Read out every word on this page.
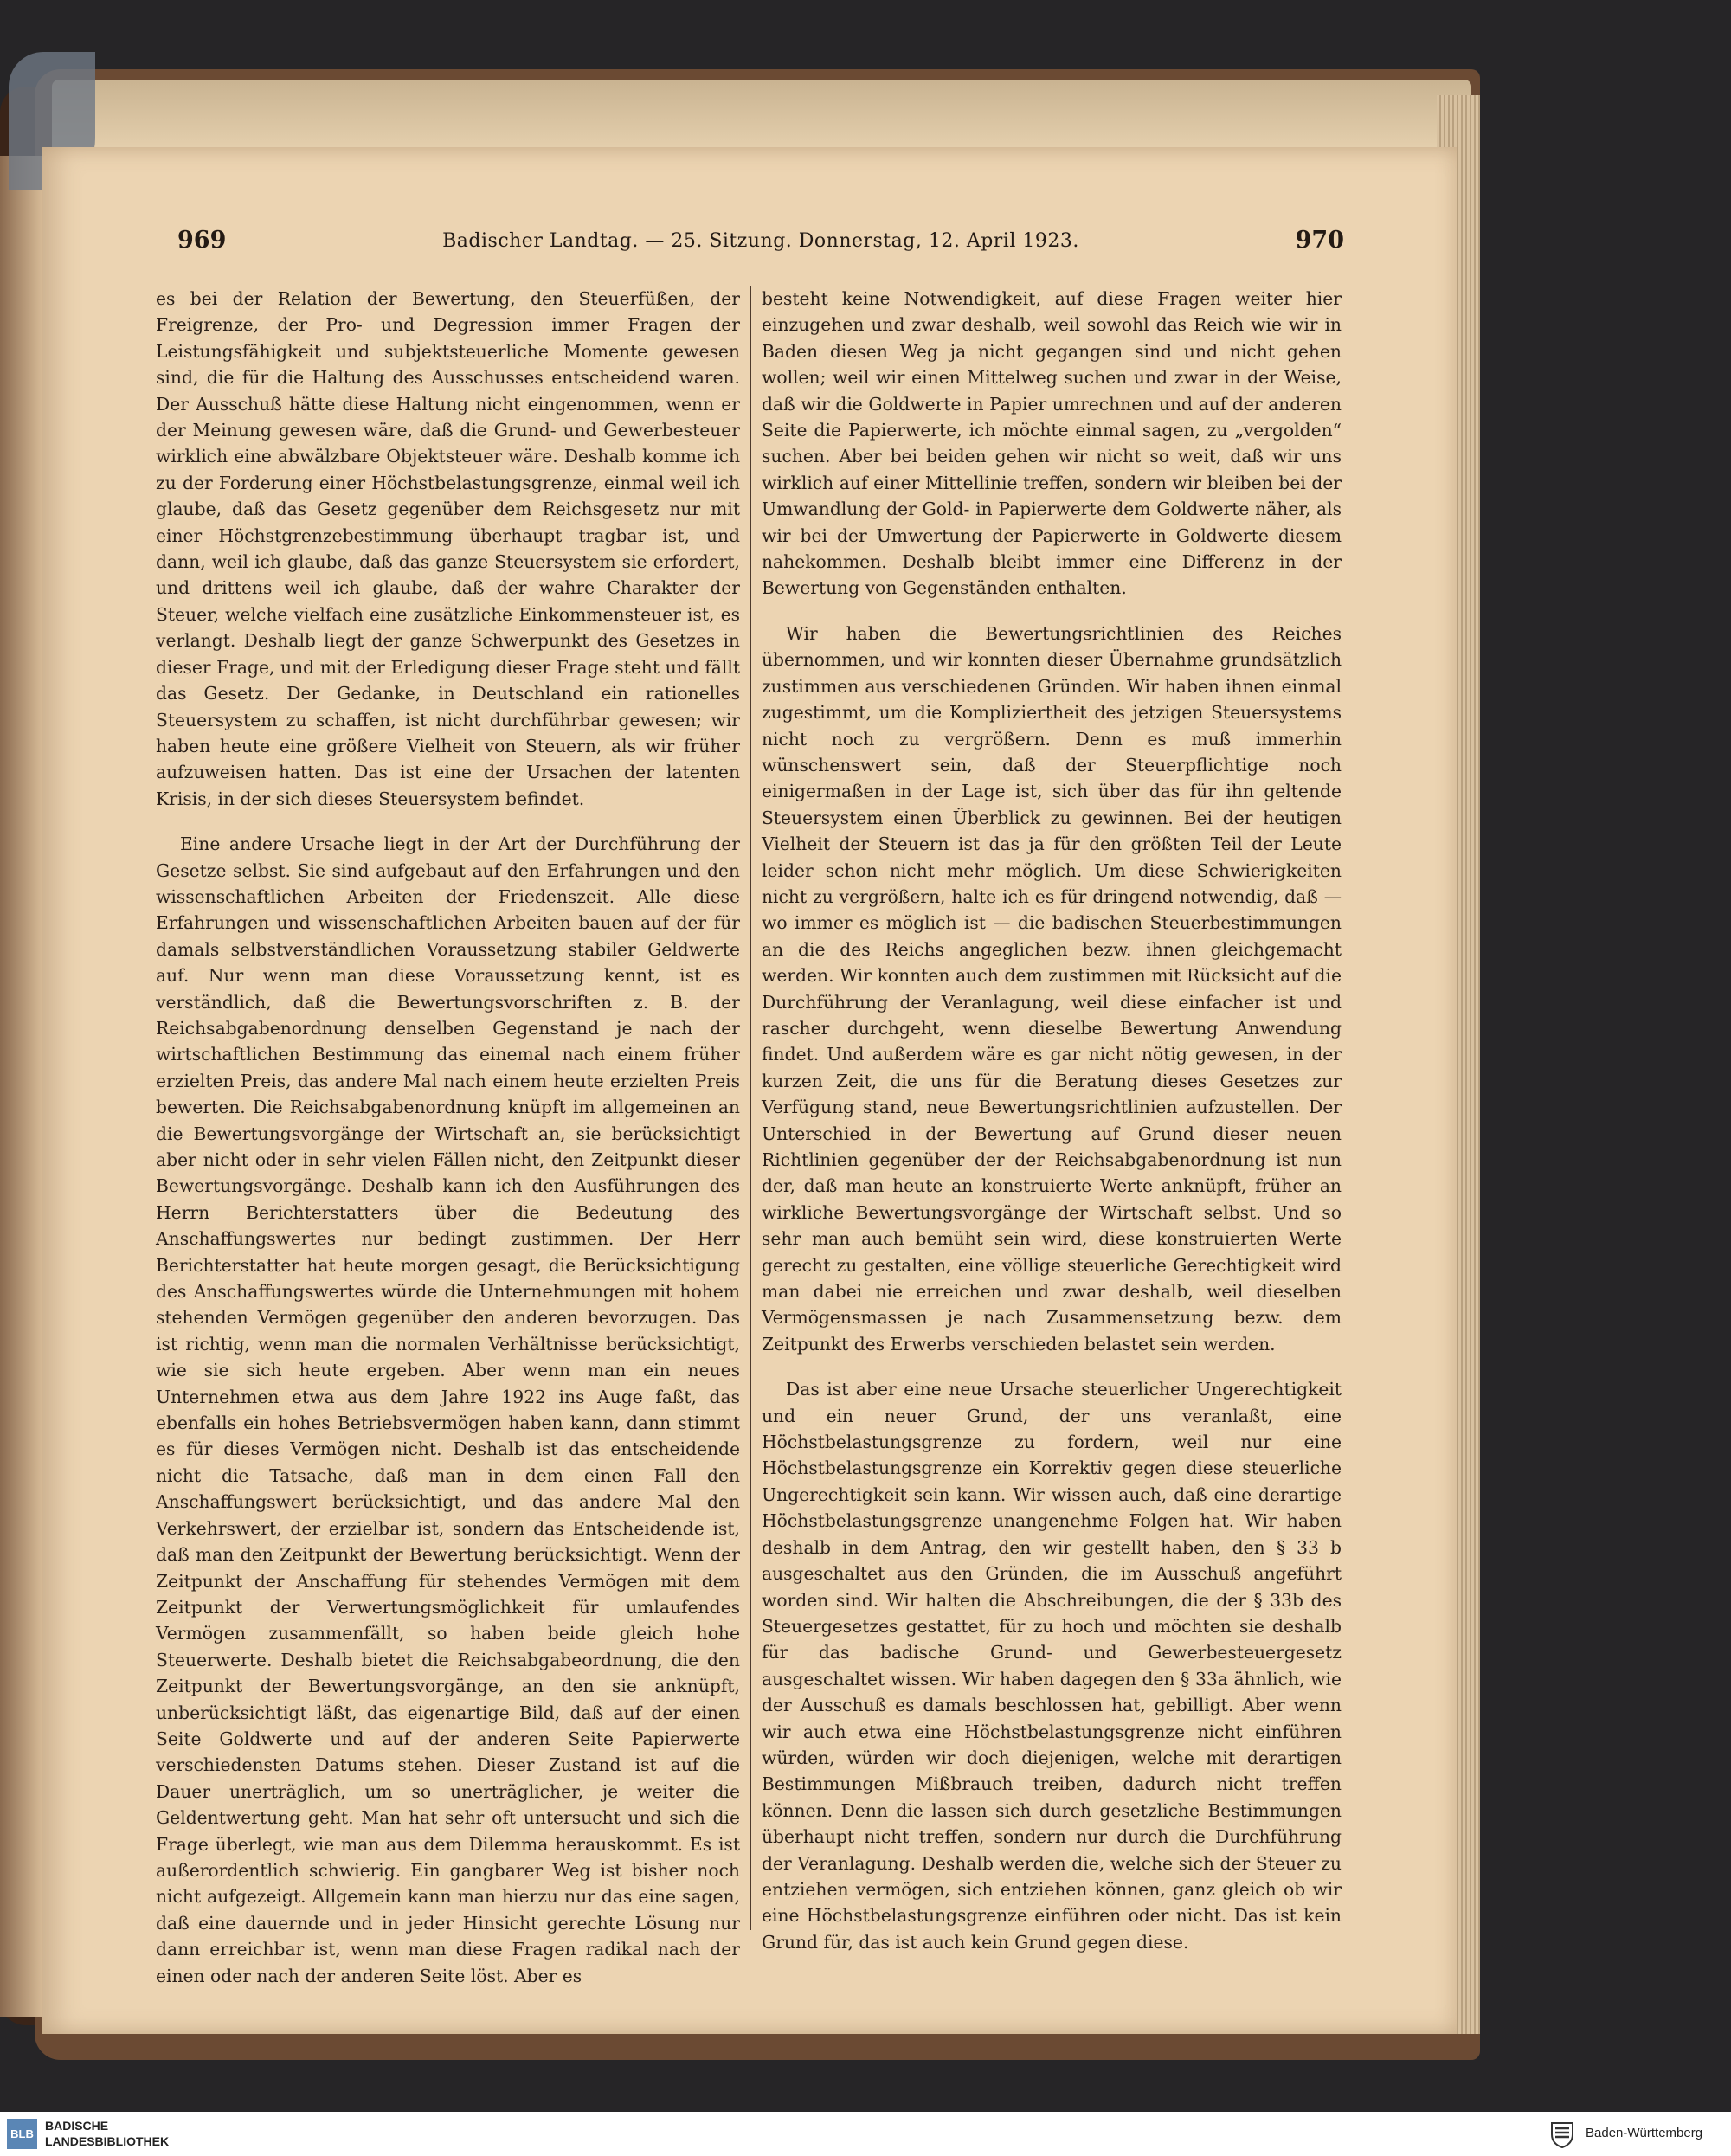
969	Badischer Landtag. — 25. Sitzung. Donnerstag, 12. April 1923.	970

es bei der Relation der Bewertung, den Steuerfüßen, der Freigrenze, der Pro- und Degression immer Fragen der Leistungsfähigkeit und subjektsteuerliche Momente gewesen sind, die für die Haltung des Ausschusses entscheidend waren. Der Ausschuß hätte diese Haltung nicht eingenommen, wenn er der Meinung gewesen wäre, daß die Grund- und Gewerbesteuer wirklich eine abwälzbare Objektsteuer wäre. Deshalb komme ich zu der Forderung einer Höchstbelastungsgrenze, einmal weil ich glaube, daß das Gesetz gegenüber dem Reichsgesetz nur mit einer Höchstgrenzebestimmung überhaupt tragbar ist, und dann, weil ich glaube, daß das ganze Steuersystem sie erfordert, und drittens weil ich glaube, daß der wahre Charakter der Steuer, welche vielfach eine zusätzliche Einkommensteuer ist, es verlangt. Deshalb liegt der ganze Schwerpunkt des Gesetzes in dieser Frage, und mit der Erledigung dieser Frage steht und fällt das Gesetz. Der Gedanke, in Deutschland ein rationelles Steuersystem zu schaffen, ist nicht durchführbar gewesen; wir haben heute eine größere Vielheit von Steuern, als wir früher aufzuweisen hatten. Das ist eine der Ursachen der latenten Krisis, in der sich dieses Steuersystem befindet.

Eine andere Ursache liegt in der Art der Durchführung der Gesetze selbst. Sie sind aufgebaut auf den Erfahrungen und den wissenschaftlichen Arbeiten der Friedenszeit. Alle diese Erfahrungen und wissenschaftlichen Arbeiten bauen auf der für damals selbstverständlichen Voraussetzung stabiler Geldwerte auf. Nur wenn man diese Voraussetzung kennt, ist es verständlich, daß die Bewertungsvorschriften z. B. der Reichsabgabenordnung denselben Gegenstand je nach der wirtschaftlichen Bestimmung das einemal nach einem früher erzielten Preis, das andere Mal nach einem heute erzielten Preis bewerten. Die Reichsabgabenordnung knüpft im allgemeinen an die Bewertungsvorgänge der Wirtschaft an, sie berücksichtigt aber nicht oder in sehr vielen Fällen nicht, den Zeitpunkt dieser Bewertungsvorgänge. Deshalb kann ich den Ausführungen des Herrn Berichterstatters über die Bedeutung des Anschaffungswertes nur bedingt zustimmen. Der Herr Berichterstatter hat heute morgen gesagt, die Berücksichtigung des Anschaffungswertes würde die Unternehmungen mit hohem stehenden Vermögen gegenüber den anderen bevorzugen. Das ist richtig, wenn man die normalen Verhältnisse berücksichtigt, wie sie sich heute ergeben. Aber wenn man ein neues Unternehmen etwa aus dem Jahre 1922 ins Auge faßt, das ebenfalls ein hohes Betriebsvermögen haben kann, dann stimmt es für dieses Vermögen nicht. Deshalb ist das entscheidende nicht die Tatsache, daß man in dem einen Fall den Anschaffungswert berücksichtigt, und das andere Mal den Verkehrswert, der erzielbar ist, sondern das Entscheidende ist, daß man den Zeitpunkt der Bewertung berücksichtigt. Wenn der Zeitpunkt der Anschaffung für stehendes Vermögen mit dem Zeitpunkt der Verwertungsmöglichkeit für umlaufendes Vermögen zusammenfällt, so haben beide gleich hohe Steuerwerte. Deshalb bietet die Reichsabgabeordnung, die den Zeitpunkt der Bewertungsvorgänge, an den sie anknüpft, unberücksichtigt läßt, das eigenartige Bild, daß auf der einen Seite Goldwerte und auf der anderen Seite Papierwerte verschiedensten Datums stehen. Dieser Zustand ist auf die Dauer unerträglich, um so unerträglicher, je weiter die Geldentwertung geht. Man hat sehr oft untersucht und sich die Frage überlegt, wie man aus dem Dilemma herauskommt. Es ist außerordentlich schwierig. Ein gangbarer Weg ist bisher noch nicht aufgezeigt. Allgemein kann man hierzu nur das eine sagen, daß eine dauernde und in jeder Hinsicht gerechte Lösung nur dann erreichbar ist, wenn man diese Fragen radikal nach der einen oder nach der anderen Seite löst. Aber es

besteht keine Notwendigkeit, auf diese Fragen weiter hier einzugehen und zwar deshalb, weil sowohl das Reich wie wir in Baden diesen Weg ja nicht gegangen sind und nicht gehen wollen; weil wir einen Mittelweg suchen und zwar in der Weise, daß wir die Goldwerte in Papier umrechnen und auf der anderen Seite die Papierwerte, ich möchte einmal sagen, zu „vergolden“ suchen. Aber bei beiden gehen wir nicht so weit, daß wir uns wirklich auf einer Mittellinie treffen, sondern wir bleiben bei der Umwandlung der Gold- in Papierwerte dem Goldwerte näher, als wir bei der Umwertung der Papierwerte in Goldwerte diesem nahekommen. Deshalb bleibt immer eine Differenz in der Bewertung von Gegenständen enthalten.

Wir haben die Bewertungsrichtlinien des Reiches übernommen, und wir konnten dieser Übernahme grundsätzlich zustimmen aus verschiedenen Gründen. Wir haben ihnen einmal zugestimmt, um die Kompliziertheit des jetzigen Steuersystems nicht noch zu vergrößern. Denn es muß immerhin wünschenswert sein, daß der Steuerpflichtige noch einigermaßen in der Lage ist, sich über das für ihn geltende Steuersystem einen Überblick zu gewinnen. Bei der heutigen Vielheit der Steuern ist das ja für den größten Teil der Leute leider schon nicht mehr möglich. Um diese Schwierigkeiten nicht zu vergrößern, halte ich es für dringend notwendig, daß — wo immer es möglich ist — die badischen Steuerbestimmungen an die des Reichs angeglichen bezw. ihnen gleichgemacht werden. Wir konnten auch dem zustimmen mit Rücksicht auf die Durchführung der Veranlagung, weil diese einfacher ist und rascher durchgeht, wenn dieselbe Bewertung Anwendung findet. Und außerdem wäre es gar nicht nötig gewesen, in der kurzen Zeit, die uns für die Beratung dieses Gesetzes zur Verfügung stand, neue Bewertungsrichtlinien aufzustellen. Der Unterschied in der Bewertung auf Grund dieser neuen Richtlinien gegenüber der der Reichsabgabenordnung ist nun der, daß man heute an konstruierte Werte anknüpft, früher an wirkliche Bewertungsvorgänge der Wirtschaft selbst. Und so sehr man auch bemüht sein wird, diese konstruierten Werte gerecht zu gestalten, eine völlige steuerliche Gerechtigkeit wird man dabei nie erreichen und zwar deshalb, weil dieselben Vermögensmassen je nach Zusammensetzung bezw. dem Zeitpunkt des Erwerbs verschieden belastet sein werden.

Das ist aber eine neue Ursache steuerlicher Ungerechtigkeit und ein neuer Grund, der uns veranlaßt, eine Höchstbelastungsgrenze zu fordern, weil nur eine Höchstbelastungsgrenze ein Korrektiv gegen diese steuerliche Ungerechtigkeit sein kann. Wir wissen auch, daß eine derartige Höchstbelastungsgrenze unangenehme Folgen hat. Wir haben deshalb in dem Antrag, den wir gestellt haben, den § 33 b ausgeschaltet aus den Gründen, die im Ausschuß angeführt worden sind. Wir halten die Abschreibungen, die der § 33b des Steuergesetzes gestattet, für zu hoch und möchten sie deshalb für das badische Grund- und Gewerbesteuergesetz ausgeschaltet wissen. Wir haben dagegen den § 33a ähnlich, wie der Ausschuß es damals beschlossen hat, gebilligt. Aber wenn wir auch etwa eine Höchstbelastungsgrenze nicht einführen würden, würden wir doch diejenigen, welche mit derartigen Bestimmungen Mißbrauch treiben, dadurch nicht treffen können. Denn die lassen sich durch gesetzliche Bestimmungen überhaupt nicht treffen, sondern nur durch die Durchführung der Veranlagung. Deshalb werden die, welche sich der Steuer zu entziehen vermögen, sich entziehen können, ganz gleich ob wir eine Höchstbelastungsgrenze einführen oder nicht. Das ist kein Grund für, das ist auch kein Grund gegen diese.

BLB
BADISCHE
LANDESBIBLIOTHEK
Baden-Württemberg
